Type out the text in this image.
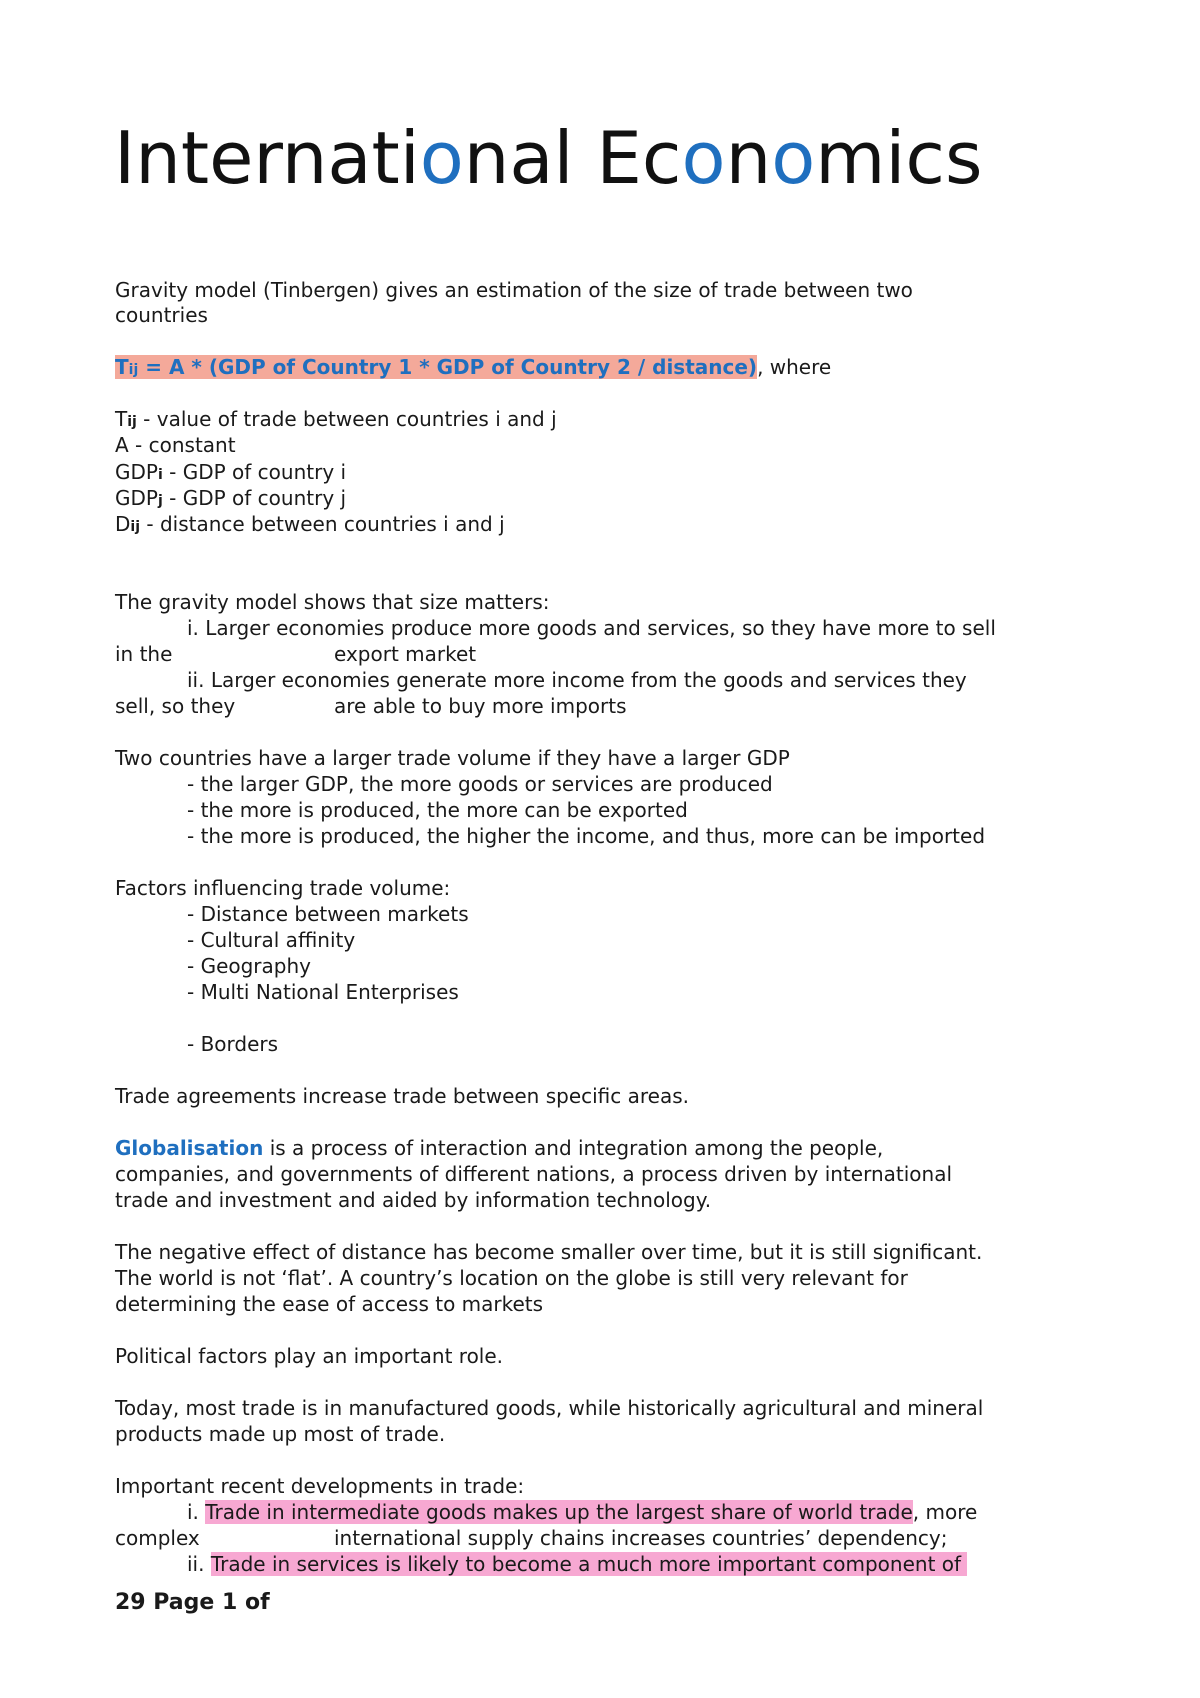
International Economics
Gravity model (Tinbergen) gives an estimation of the size of trade between two
countries
Tij = A * (GDP of Country 1 * GDP of Country 2 / distance), where
Tij - value of trade between countries i and j
A - constant
GDPi - GDP of country i
GDPj - GDP of country j
Dij - distance between countries i and j
The gravity model shows that size matters:
i. Larger economies produce more goods and services, so they have more to sell
in the	export market
ii. Larger economies generate more income from the goods and services they
sell, so they	are able to buy more imports
Two countries have a larger trade volume if they have a larger GDP
- the larger GDP, the more goods or services are produced
- the more is produced, the more can be exported
- the more is produced, the higher the income, and thus, more can be imported
Factors influencing trade volume:
- Distance between markets
- Cultural affinity
- Geography
- Multi National Enterprises
- Borders
Trade agreements increase trade between specific areas.
Globalisation is a process of interaction and integration among the people,
companies, and governments of different nations, a process driven by international
trade and investment and aided by information technology.
The negative effect of distance has become smaller over time, but it is still significant.
The world is not ‘flat’. A country’s location on the globe is still very relevant for
determining the ease of access to markets
Political factors play an important role.
Today, most trade is in manufactured goods, while historically agricultural and mineral
products made up most of trade.
Important recent developments in trade:
i. Trade in intermediate goods makes up the largest share of world trade, more
complex	international supply chains increases countries’ dependency;
ii. Trade in services is likely to become a much more important component of
29 Page 1 of
